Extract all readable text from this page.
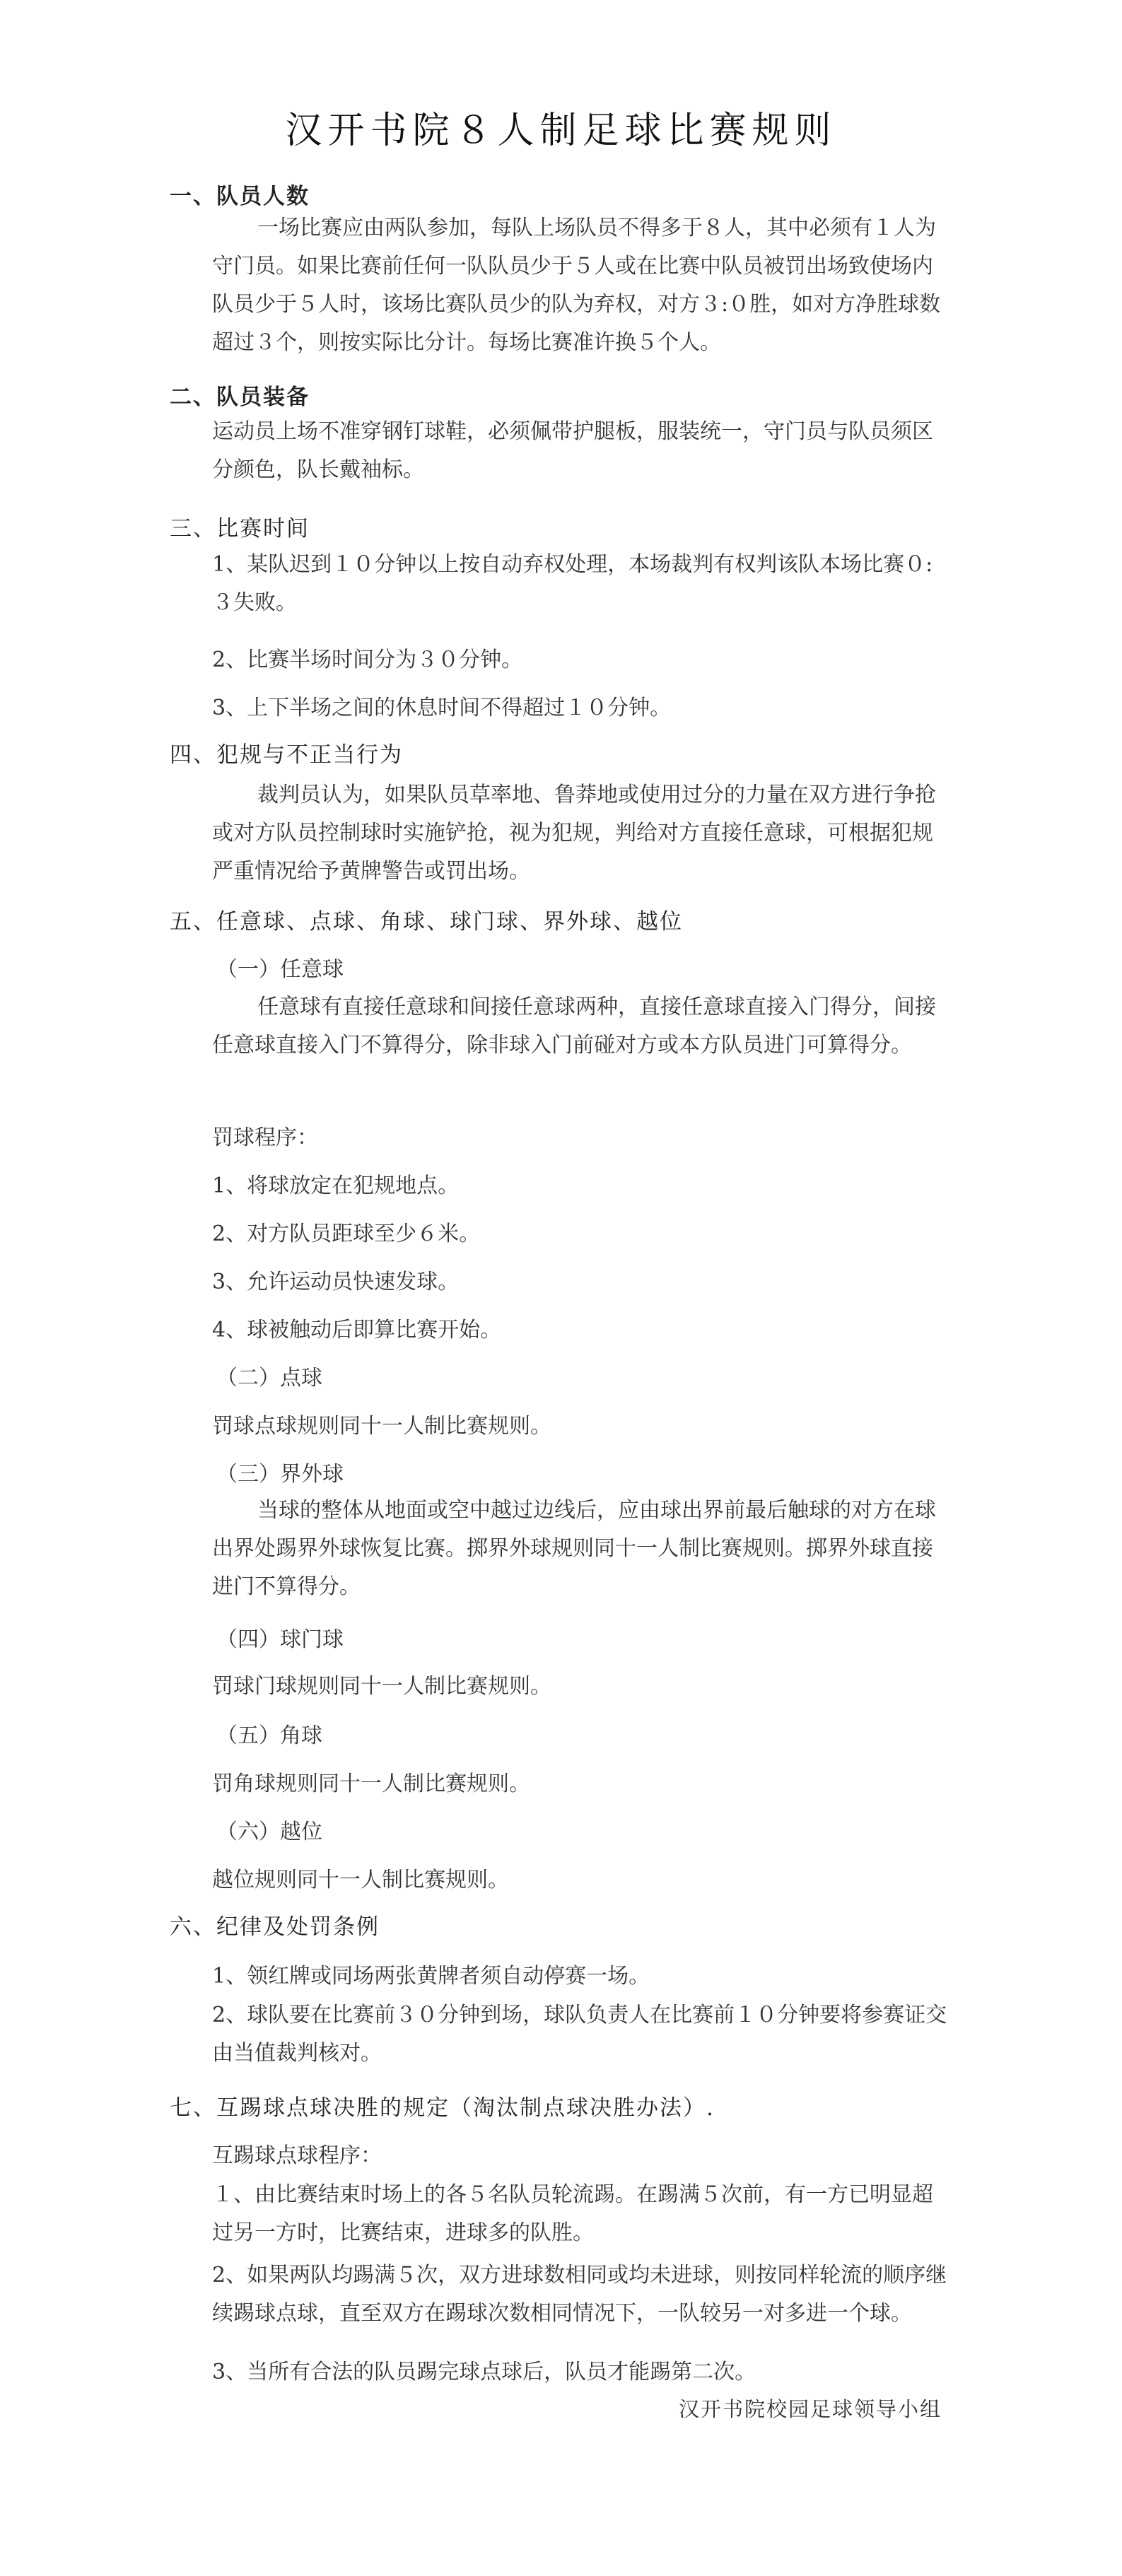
汉开书院８人制足球比赛规则
一、队员人数
一场比赛应由两队参加，每队上场队员不得多于８人，其中必须有１人为守门员。如果比赛前任何一队队员少于５人或在比赛中队员被罚出场致使场内队员少于５人时，该场比赛队员少的队为弃权，对方３:０胜，如对方净胜球数超过３个，则按实际比分计。每场比赛准许换５个人。
二、队员装备
运动员上场不准穿钢钉球鞋，必须佩带护腿板，服装统一，守门员与队员须区分颜色，队长戴袖标。
三、比赛时间
1、某队迟到１０分钟以上按自动弃权处理，本场裁判有权判该队本场比赛０:３失败。
2、比赛半场时间分为３０分钟。
3、上下半场之间的休息时间不得超过１０分钟。
四、犯规与不正当行为
裁判员认为，如果队员草率地、鲁莽地或使用过分的力量在双方进行争抢或对方队员控制球时实施铲抢，视为犯规，判给对方直接任意球，可根据犯规严重情况给予黄牌警告或罚出场。
五、任意球、点球、角球、球门球、界外球、越位
（一）任意球
任意球有直接任意球和间接任意球两种，直接任意球直接入门得分，间接任意球直接入门不算得分，除非球入门前碰对方或本方队员进门可算得分。
罚球程序：
1、将球放定在犯规地点。
2、对方队员距球至少６米。
3、允许运动员快速发球。
4、球被触动后即算比赛开始。
（二）点球
罚球点球规则同十一人制比赛规则。
（三）界外球
当球的整体从地面或空中越过边线后，应由球出界前最后触球的对方在球出界处踢界外球恢复比赛。掷界外球规则同十一人制比赛规则。掷界外球直接进门不算得分。
（四）球门球
罚球门球规则同十一人制比赛规则。
（五）角球
罚角球规则同十一人制比赛规则。
（六）越位
越位规则同十一人制比赛规则。
六、纪律及处罚条例
1、领红牌或同场两张黄牌者须自动停赛一场。
2、球队要在比赛前３０分钟到场，球队负责人在比赛前１０分钟要将参赛证交由当值裁判核对。
七、互踢球点球决胜的规定（淘汰制点球决胜办法）.
互踢球点球程序：
１、由比赛结束时场上的各５名队员轮流踢。在踢满５次前，有一方已明显超过另一方时，比赛结束，进球多的队胜。
2、如果两队均踢满５次，双方进球数相同或均未进球，则按同样轮流的顺序继续踢球点球，直至双方在踢球次数相同情况下，一队较另一对多进一个球。
3、当所有合法的队员踢完球点球后，队员才能踢第二次。
汉开书院校园足球领导小组
